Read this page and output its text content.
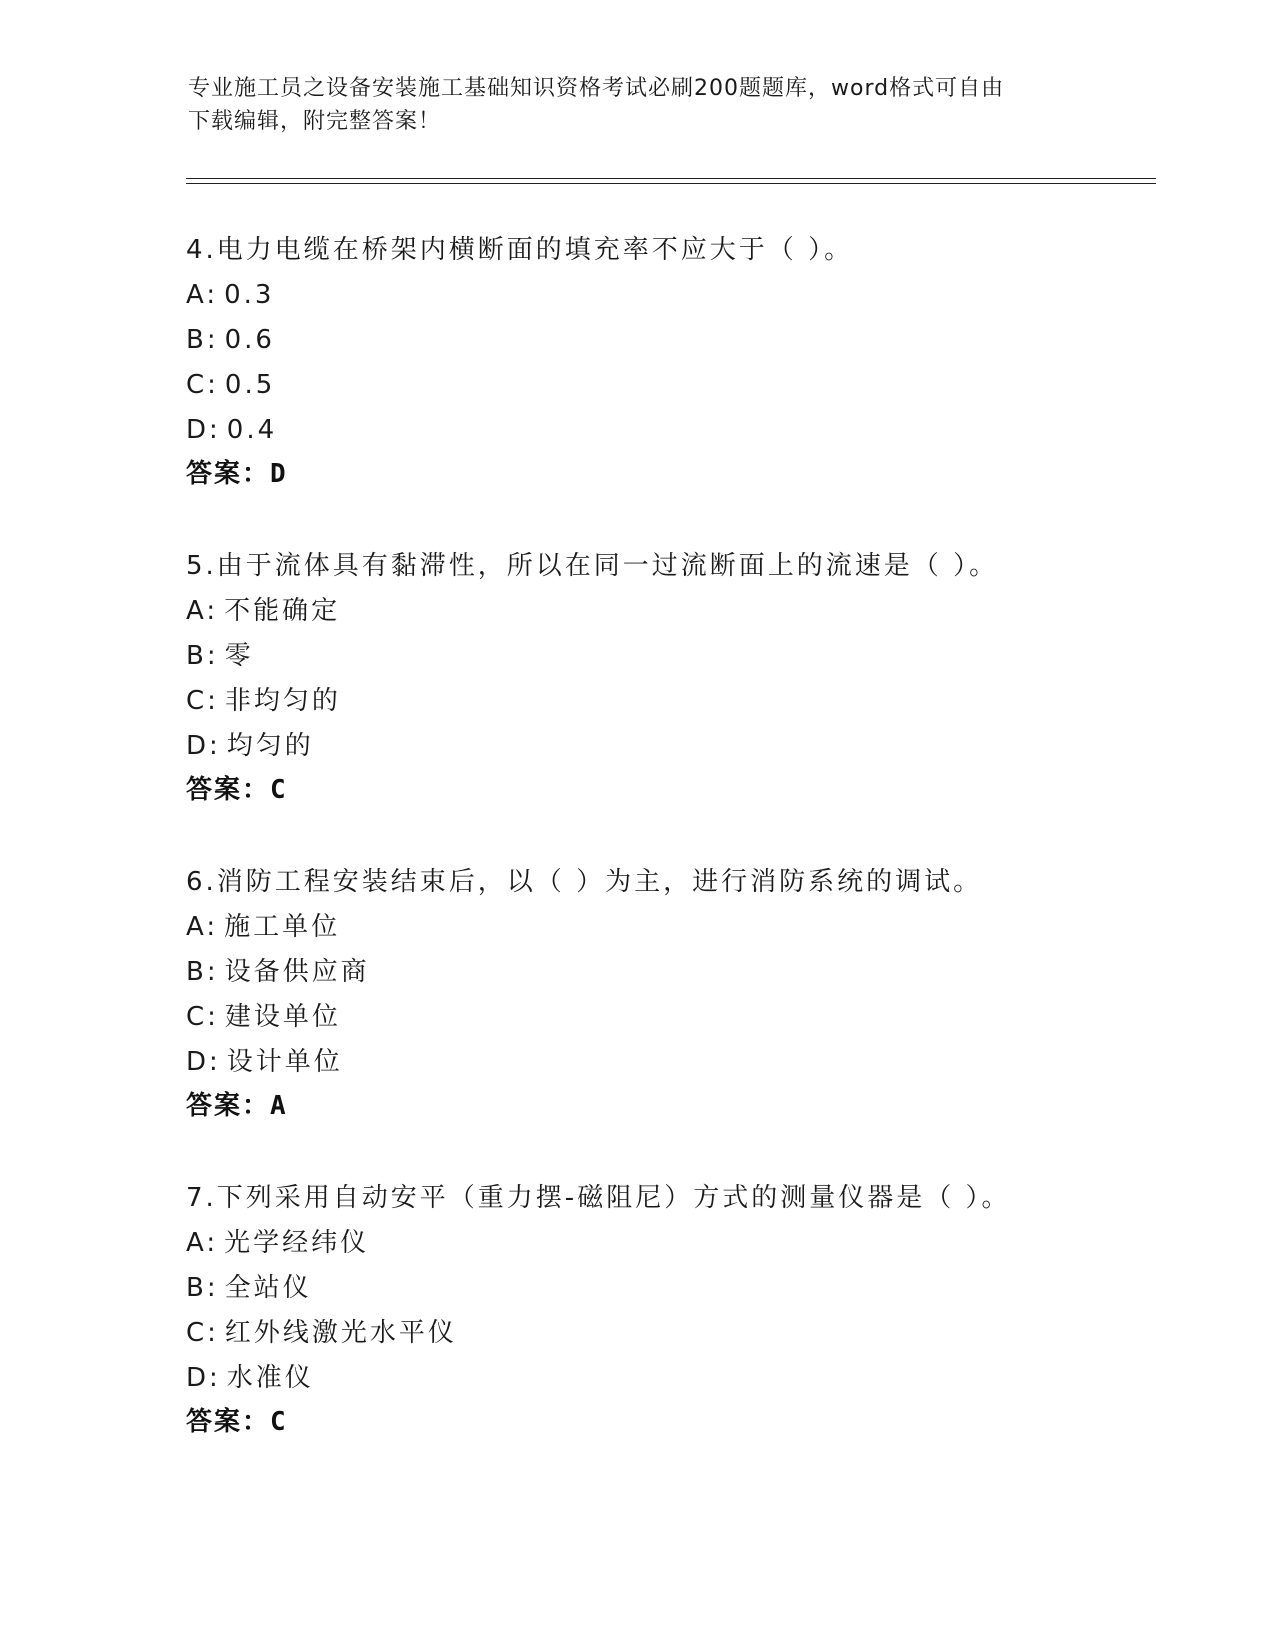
专业施工员之设备安装施工基础知识资格考试必刷200题题库，word格式可自由
下载编辑，附完整答案！
4.电力电缆在桥架内横断面的填充率不应大于（ ）。
A: 0.3
B: 0.6
C: 0.5
D: 0.4
答案：D
5.由于流体具有黏滞性，所以在同一过流断面上的流速是（ ）。
A: 不能确定
B: 零
C: 非均匀的
D: 均匀的
答案：C
6.消防工程安装结束后，以（ ）为主，进行消防系统的调试。
A: 施工单位
B: 设备供应商
C: 建设单位
D: 设计单位
答案：A
7.下列采用自动安平（重力摆-磁阻尼）方式的测量仪器是（ ）。
A: 光学经纬仪
B: 全站仪
C: 红外线激光水平仪
D: 水准仪
答案：C
